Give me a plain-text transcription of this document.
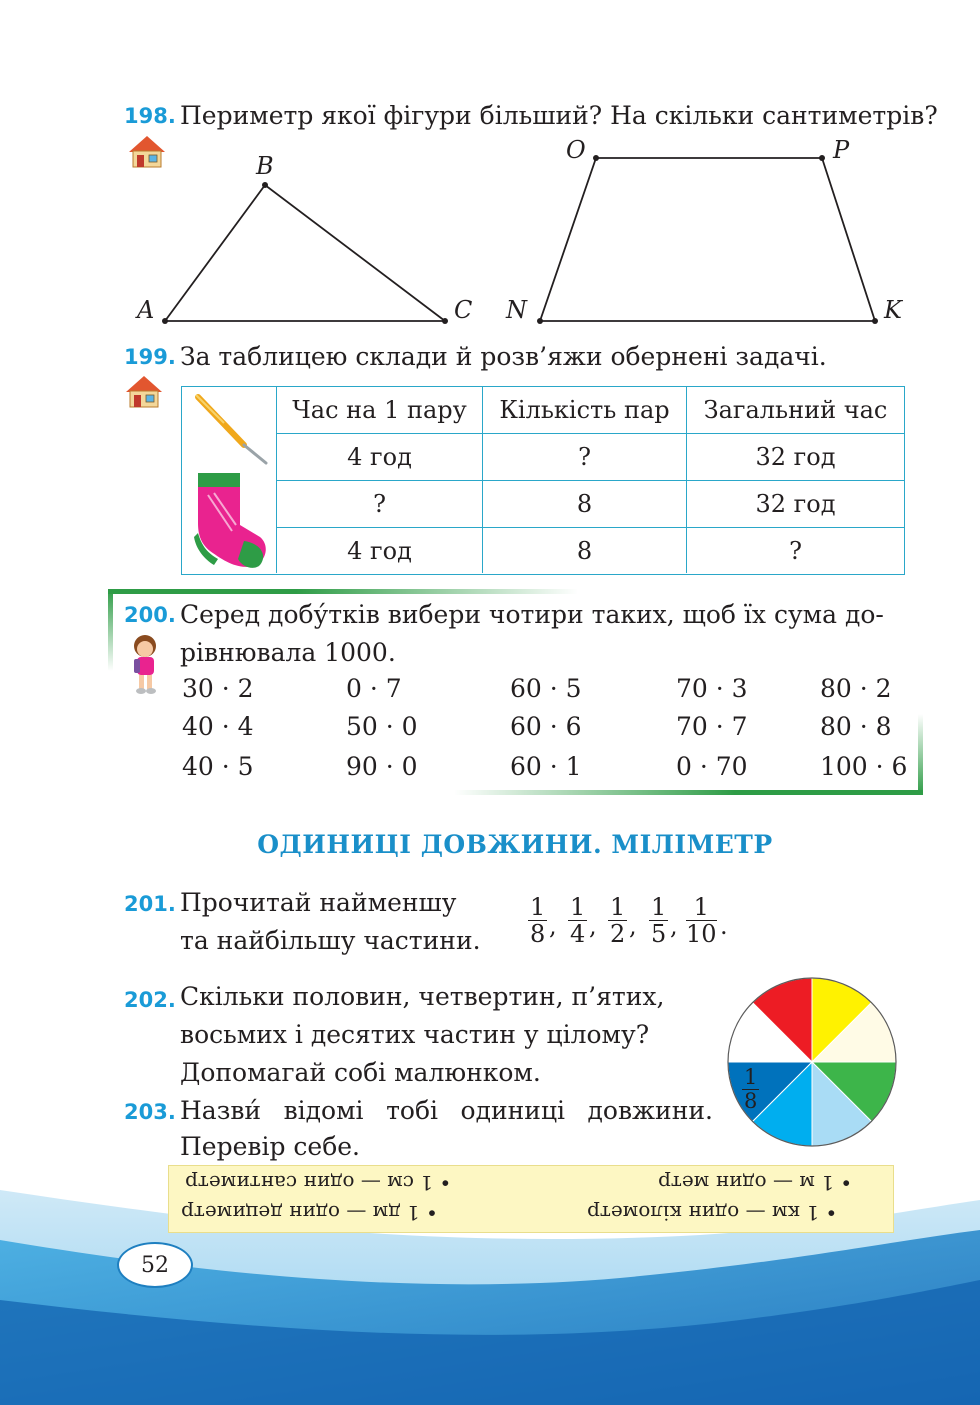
198. Периметр якої фігури більший? На скільки сантиметрів?
A
B
C
O	P
N	K
199. За таблицею склади й розв’яжи обернені задачі.
Час на 1 пару	Кількість пар	Загальний час
4 год	?	32 год
?	8	32 год
4 год	8	?
200. Серед добу́тків вибери чотири таких, щоб їх сума до-
рівнювала 1000.
30 · 2	0 · 7	60 · 5	70 · 3	80 · 2
40 · 4	50 · 0	60 · 6	70 · 7	80 · 8
40 · 5	90 · 0	60 · 1	0 · 70	100 · 6
ОДИНИЦІ ДОВЖИНИ. МІЛІМЕТР
201. Прочитай найменшу
та найбільшу частини.
1
8 ,
1
4 ,
1
2 ,
1
5 ,
1
10 .
202. Скільки половин, четвертин, п’ятих,
восьмих і десятих частин у цілому?
Допомагай собі малюнком.	1
8
203. Назви́ відомі тобі одиниці довжини.
Перевір себе.
• 1 км — один кілометр
• 1 дм — один дециметр
• 1 м — один метр
• 1 см — один сантиметр
52
